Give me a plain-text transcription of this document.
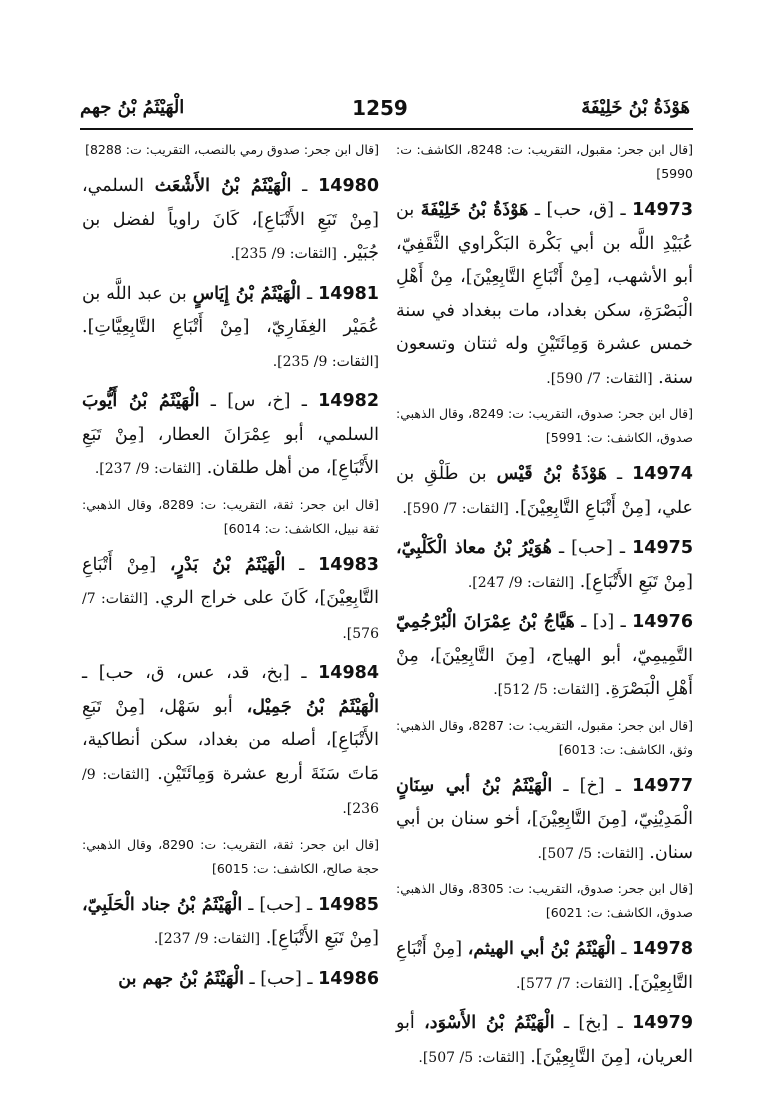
الْهَيْثَمُ بْنُ جهم	1259	هَوْذَةُ بْنُ خَلِيْفَةَ

[قال ابن جحر: مقبول، التقريب: ت: 8248، الكاشف: ت: 5990]

14973 ـ [ق، حب] ـ هَوْذَةُ بْنُ خَلِيْفَةَ بن عُبَيْدِ اللَّه بن أبي بَكْرة البَكْراوي الثَّقَفِيّ، أبو الأشهب، [مِنْ أَتْبَاعِ التَّابِعِيْنَ]، مِنْ أَهْلِ الْبَصْرَةِ، سكن بغداد، مات ببغداد في سنة خمس عشرة وَمِائَتَيْنِ وله ثنتان وتسعون سنة. [الثقات: 7/ 590].

[قال ابن جحر: صدوق، التقريب: ت: 8249، وقال الذهبي: صدوق، الكاشف: ت: 5991]

14974 ـ هَوْذَةُ بْنُ قَيْس بن طَلْقِ بن علي، [مِنْ أَتْبَاعِ التَّابِعِيْنَ]. [الثقات: 7/ 590].

14975 ـ [حب] ـ هُوَيْرُ بْنُ معاذ الْكَلْبِيّ، [مِنْ تَبَعِ الأَتْبَاعِ]. [الثقات: 9/ 247].

14976 ـ [د] ـ هَيَّاجُ بْنُ عِمْرَانَ الْبُرْجُمِيّ التَّمِيمِيّ، أبو الهياج، [مِنَ التَّابِعِيْنَ]، مِنْ أَهْلِ الْبَصْرَةِ. [الثقات: 5/ 512].

[قال ابن جحر: مقبول، التقريب: ت: 8287، وقال الذهبي: وثق، الكاشف: ت: 6013]

14977 ـ [خ] ـ الْهَيْثَمُ بْنُ أبي سِنَانٍ الْمَدِيْنِيّ، [مِنَ التَّابِعِيْنَ]، أخو سنان بن أبي سنان. [الثقات: 5/ 507].

[قال ابن جحر: صدوق، التقريب: ت: 8305، وقال الذهبي: صدوق، الكاشف: ت: 6021]

14978 ـ الْهَيْثَمُ بْنُ أبي الهيثم، [مِنْ أَتْبَاعِ التَّابِعِيْنَ]. [الثقات: 7/ 577].

14979 ـ [بخ] ـ الْهَيْثَمُ بْنُ الأَسْوَد، أبو العريان، [مِنَ التَّابِعِيْنَ]. [الثقات: 5/ 507].

[قال ابن جحر: صدوق رمي بالنصب، التقريب: ت: 8288]

14980 ـ الْهَيْثَمُ بْنُ الأَشْعَث السلمي، [مِنْ تَبَعِ الأَتْبَاعِ]، كَانَ راوياً لفضل بن جُبَيْر. [الثقات: 9/ 235].

14981 ـ الْهَيْثَمُ بْنُ إِيَاسٍ بن عبد اللَّه بن عُمَيْر الغِفَارِيّ، [مِنْ أَتْبَاعِ التَّابِعِيَّاتِ]. [الثقات: 9/ 235].

14982 ـ [خ، س] ـ الْهَيْثَمُ بْنُ أَيُّوبَ السلمي، أبو عِمْرَانَ العطار، [مِنْ تَبَعِ الأَتْبَاعِ]، من أهل طلقان. [الثقات: 9/ 237].

[قال ابن جحر: ثقة، التقريب: ت: 8289، وقال الذهبي: ثقة نبيل، الكاشف: ت: 6014]

14983 ـ الْهَيْثَمُ بْنُ بَدْرٍ، [مِنْ أَتْبَاعِ التَّابِعِيْنَ]، كَانَ على خراج الري. [الثقات: 7/ 576].

14984 ـ [بخ، قد، عس، ق، حب] ـ الْهَيْثَمُ بْنُ جَمِيْل، أبو سَهْل، [مِنْ تَبَعِ الأَتْبَاعِ]، أصله من بغداد، سكن أنطاكية، مَاتَ سَنَةَ أربع عشرة وَمِائَتَيْنِ. [الثقات: 9/ 236].

[قال ابن جحر: ثقة، التقريب: ت: 8290، وقال الذهبي: حجة صالح، الكاشف: ت: 6015]

14985 ـ [حب] ـ الْهَيْثَمُ بْنُ جناد الْحَلَبِيّ، [مِنْ تَبَعِ الأَتْبَاعِ]. [الثقات: 9/ 237].

14986 ـ [حب] ـ الْهَيْثَمُ بْنُ جهم بن
